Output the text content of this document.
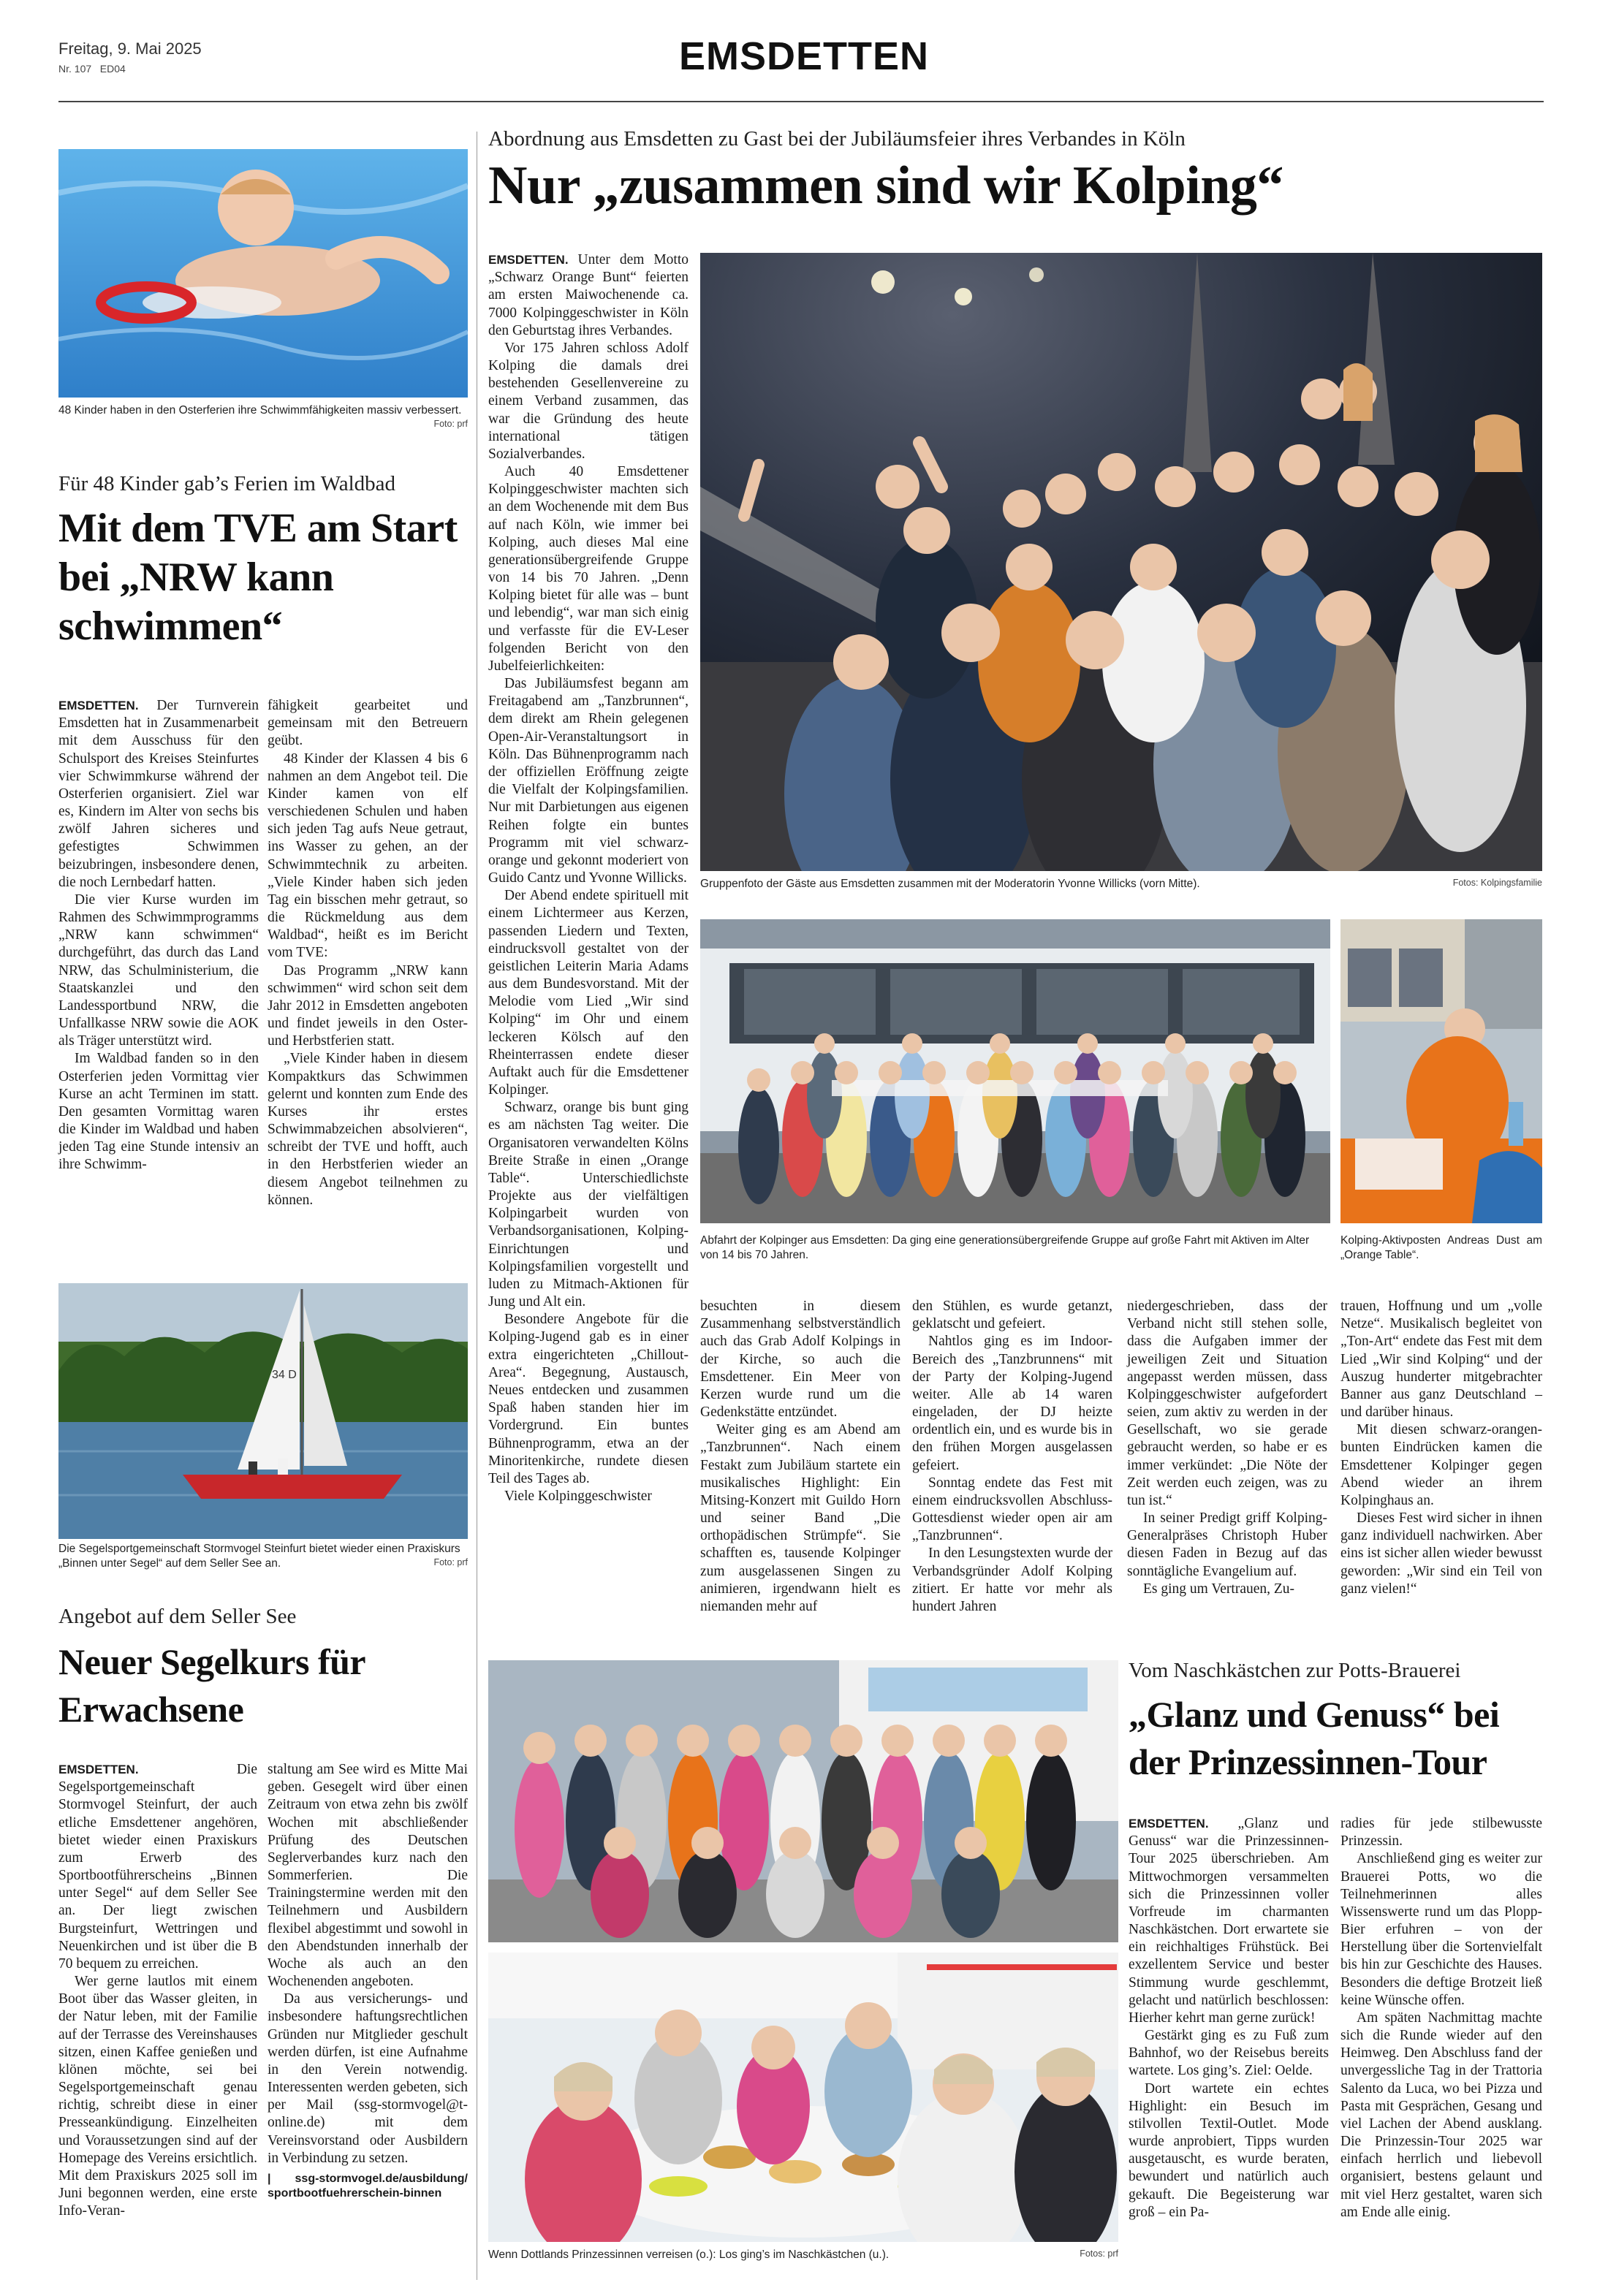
Freitag, 9. Mai 2025
Nr. 107   ED04	EMSDETTEN
48 Kinder haben in den Osterferien ihre Schwimmfähigkeiten massiv verbessert.
Foto: prf
Für 48 Kinder gab’s Ferien im Waldbad
Mit dem TVE am Start bei „NRW kann schwimmen“

EMSDETTEN. Der Turnverein Emsdetten hat in Zusammenarbeit mit dem Ausschuss für den Schulsport des Kreises Steinfurtes vier Schwimmkurse während der Osterferien organisiert. Ziel war es, Kindern im Alter von sechs bis zwölf Jahren sicheres und gefestigtes Schwimmen beizubringen, insbesondere denen, die noch Lernbedarf hatten.

Die vier Kurse wurden im Rahmen des Schwimmprogramms „NRW kann schwimmen“ durchgeführt, das durch das Land NRW, das Schulministerium, die Staatskanzlei und den Landessportbund NRW, die Unfallkasse NRW sowie die AOK als Träger unterstützt wird.

Im Waldbad fanden so in den Osterferien jeden Vormittag vier Kurse an acht Terminen im statt. Den gesamten Vormittag waren die Kinder im Waldbad und haben jeden Tag eine Stunde intensiv an ihre Schwimm-

fähigkeit gearbeitet und gemeinsam mit den Betreuern geübt.

48 Kinder der Klassen 4 bis 6 nahmen an dem Angebot teil. Die Kinder kamen von elf verschiedenen Schulen und haben sich jeden Tag aufs Neue getraut, ins Wasser zu gehen, an der Schwimmtechnik zu arbeiten. „Viele Kinder haben sich jeden Tag ein bisschen mehr getraut, so die Rückmeldung aus dem Waldbad“, heißt es im Bericht vom TVE:

Das Programm „NRW kann schwimmen“ wird schon seit dem Jahr 2012 in Emsdetten angeboten und findet jeweils in den Oster- und Herbstferien statt.

„Viele Kinder haben in diesem Kompaktkurs das Schwimmen gelernt und konnten zum Ende des Kurses ihr erstes Schwimmabzeichen absolvieren“, schreibt der TVE und hofft, auch in den Herbstferien wieder an diesem Angebot teilnehmen zu können.

34 D
Die Segelsportgemeinschaft Stormvogel Steinfurt bietet wieder einen Praxiskurs „Binnen unter Segel“ auf dem Seller See an.	Foto: prf
Angebot auf dem Seller See
Neuer Segelkurs für Erwachsene

EMSDETTEN.	Die Segelsportgemeinschaft Stormvogel Steinfurt, der auch etliche Emsdettener angehören, bietet wieder einen Praxiskurs zum Erwerb des Sportbootführerscheins „Binnen unter Segel“ auf dem Seller See an. Der liegt zwischen Burgsteinfurt, Wettringen und Neuenkirchen und ist über die B 70 bequem zu erreichen.

Wer gerne lautlos mit einem Boot über das Wasser gleiten, in der Natur leben, mit der Familie auf der Terrasse des Vereinshauses sitzen, einen Kaffee genießen und klönen möchte, sei bei Segelsportgemeinschaft genau richtig, schreibt diese in einer Presseankündigung. Einzelheiten und Voraussetzungen sind auf der Homepage des Vereins ersichtlich. Mit dem Praxiskurs 2025 soll im Juni begonnen werden, eine erste Info-Veran-

staltung am See wird es Mitte Mai geben. Gesegelt wird über einen Zeitraum von etwa zehn bis zwölf Wochen mit abschließender Prüfung des Deutschen Seglerverbandes kurz nach den Sommerferien. Die Trainingstermine werden mit den Teilnehmern und Ausbildern flexibel abgestimmt und sowohl in den Abendstunden innerhalb der Woche als auch an den Wochenenden angeboten.

Da aus versicherungs- und insbesondere haftungsrechtlichen Gründen nur Mitglieder geschult werden dürfen, ist eine Aufnahme in den Verein notwendig. Interessenten werden gebeten, sich per Mail (ssg-stormvogel@t-online.de) mit dem Vereinsvorstand oder Ausbildern in Verbindung zu setzen.

| ssg-stormvogel.de/ausbildung/ sportbootfuehrerschein-binnen

Abordnung aus Emsdetten zu Gast bei der Jubiläumsfeier ihres Verbandes in Köln
Nur „zusammen sind wir Kolping“

EMSDETTEN. Unter dem Motto „Schwarz Orange Bunt“ feierten am ersten Maiwochenende ca. 7000 Kolpinggeschwister in Köln den Geburtstag ihres Verbandes.

Vor 175 Jahren schloss Adolf Kolping die damals drei bestehenden Gesellenvereine zu einem Verband zusammen, das war die Gründung des heute international tätigen Sozialverbandes.

Auch 40 Emsdettener Kolpinggeschwister machten sich an dem Wochenende mit dem Bus auf nach Köln, wie immer bei Kolping, auch dieses Mal eine generationsübergreifende Gruppe von 14 bis 70 Jahren. „Denn Kolping bietet für alle was – bunt und lebendig“, war man sich einig und verfasste für die EV-Leser folgenden Bericht von den Jubelfeierlichkeiten:

Das Jubiläumsfest begann am Freitagabend am „Tanzbrunnen“, dem direkt am Rhein gelegenen Open-Air-Veranstaltungsort in Köln. Das Bühnenprogramm nach der offiziellen Eröffnung zeigte die Vielfalt der Kolpingsfamilien. Nur mit Darbietungen aus eigenen Reihen folgte ein buntes Programm mit viel schwarz-orange und gekonnt moderiert von Guido Cantz und Yvonne Willicks.

Der Abend endete spirituell mit einem Lichtermeer aus Kerzen, passenden Liedern und Texten, eindrucksvoll gestaltet von der geistlichen Leiterin Maria Adams aus dem Bundesvorstand. Mit der Melodie vom Lied „Wir sind Kolping“ im Ohr und einem leckeren Kölsch auf den Rheinterrassen endete dieser Auftakt auch für die Emsdettener Kolpinger.

Schwarz, orange bis bunt ging es am nächsten Tag weiter. Die Organisatoren verwandelten Kölns Breite Straße in einen „Orange Table“. Unterschiedlichste Projekte aus der vielfältigen Kolpingarbeit wurden von Verbandsorganisationen, Kolping-Einrichtungen und Kolpingsfamilien vorgestellt und luden zu Mitmach-Aktionen für Jung und Alt ein.

Besondere Angebote für die Kolping-Jugend gab es in einer extra eingerichteten „Chillout-Area“. Begegnung, Austausch, Neues entdecken und zusammen Spaß haben standen hier im Vordergrund. Ein buntes Bühnenprogramm, etwa an der Minoritenkirche, rundete diesen Teil des Tages ab.

Viele Kolpinggeschwister

Gruppenfoto der Gäste aus Emsdetten zusammen mit der Moderatorin Yvonne Willicks (vorn Mitte).	Fotos: Kolpingsfamilie
Abfahrt der Kolpinger aus Emsdetten: Da ging eine generationsübergreifende Gruppe auf große Fahrt mit Aktiven im Alter von 14 bis 70 Jahren.
Kolping-Aktivposten Andreas Dust am „Orange Table“.

besuchten in diesem Zusammenhang selbstverständlich auch das Grab Adolf Kolpings in der Kirche, so auch die Emsdettener. Ein Meer von Kerzen wurde rund um die Gedenkstätte entzündet.

Weiter ging es am Abend am „Tanzbrunnen“. Nach einem Festakt zum Jubiläum startete ein musikalisches Highlight: Ein Mitsing-Konzert mit Guildo Horn und seiner Band „Die orthopädischen Strümpfe“. Sie schafften es, tausende Kolpinger zum ausgelassenen Singen zu animieren, irgendwann hielt es niemanden mehr auf

den Stühlen, es wurde getanzt, geklatscht und gefeiert.

Nahtlos ging es im Indoor-Bereich des „Tanzbrunnens“ mit der Party der Kolping-Jugend weiter. Alle ab 14 waren eingeladen, der DJ heizte ordentlich ein, und es wurde bis in den frühen Morgen ausgelassen gefeiert.

Sonntag endete das Fest mit einem eindrucksvollen Abschluss-Gottesdienst wieder open air am „Tanzbrunnen“.

In den Lesungstexten wurde der Verbandsgründer Adolf Kolping zitiert. Er hatte vor mehr als hundert Jahren

niedergeschrieben, dass der Verband nicht still stehen solle, dass die Aufgaben immer der jeweiligen Zeit und Situation angepasst werden müssen, dass Kolpinggeschwister aufgefordert seien, zum aktiv zu werden in der Gesellschaft, wo sie gerade gebraucht werden, so habe er es immer verkündet: „Die Nöte der Zeit werden euch zeigen, was zu tun ist.“

In seiner Predigt griff Kolping-Generalpräses Christoph Huber diesen Faden in Bezug auf das sonntägliche Evangelium auf.

Es ging um Vertrauen, Zu-

trauen, Hoffnung und um „volle Netze“. Musikalisch begleitet von „Ton-Art“ endete das Fest mit dem Lied „Wir sind Kolping“ und der Auszug hunderter mitgebrachter Banner aus ganz Deutschland – und darüber hinaus.

Mit diesen schwarz-orangen-bunten Eindrücken kamen die Emsdettener Kolpinger gegen Abend wieder an ihrem Kolpinghaus an.

Dieses Fest wird sicher in ihnen ganz individuell nachwirken. Aber eins ist sicher allen wieder bewusst geworden: „Wir sind ein Teil von ganz vielen!“

Wenn Dottlands Prinzessinnen verreisen (o.): Los ging’s im Naschkästchen (u.).	Fotos: prf
Vom Naschkästchen zur Potts-Brauerei
„Glanz und Genuss“ bei der Prinzessinnen-Tour

EMSDETTEN. „Glanz und Genuss“ war die Prinzessinnen-Tour 2025 überschrieben. Am Mittwochmorgen versammelten sich die Prinzessinnen voller Vorfreude im charmanten Naschkästchen. Dort erwartete sie ein reichhaltiges Frühstück. Bei exzellentem Service und bester Stimmung wurde geschlemmt, gelacht und natürlich beschlossen: Hierher kehrt man gerne zurück!

Gestärkt ging es zu Fuß zum Bahnhof, wo der Reisebus bereits wartete. Los ging’s. Ziel: Oelde.

Dort wartete ein echtes Highlight: ein Besuch im stilvollen Textil-Outlet. Mode wurde anprobiert, Tipps wurden ausgetauscht, es wurde beraten, bewundert und natürlich auch gekauft. Die Begeisterung war groß – ein Pa-

radies für jede stilbewusste Prinzessin.

Anschließend ging es weiter zur Brauerei Potts, wo die Teilnehmerinnen alles Wissenswerte rund um das Plopp-Bier erfuhren – von der Herstellung über die Sortenvielfalt bis hin zur Geschichte des Hauses. Besonders die deftige Brotzeit ließ keine Wünsche offen.

Am späten Nachmittag machte sich die Runde wieder auf den Heimweg. Den Abschluss fand der unvergessliche Tag in der Trattoria Salento da Luca, wo bei Pizza und Pasta mit Gesprächen, Gesang und viel Lachen der Abend ausklang. Die Prinzessin-Tour 2025 war einfach herrlich und liebevoll organisiert, bestens gelaunt und mit viel Herz gestaltet, waren sich am Ende alle einig.
